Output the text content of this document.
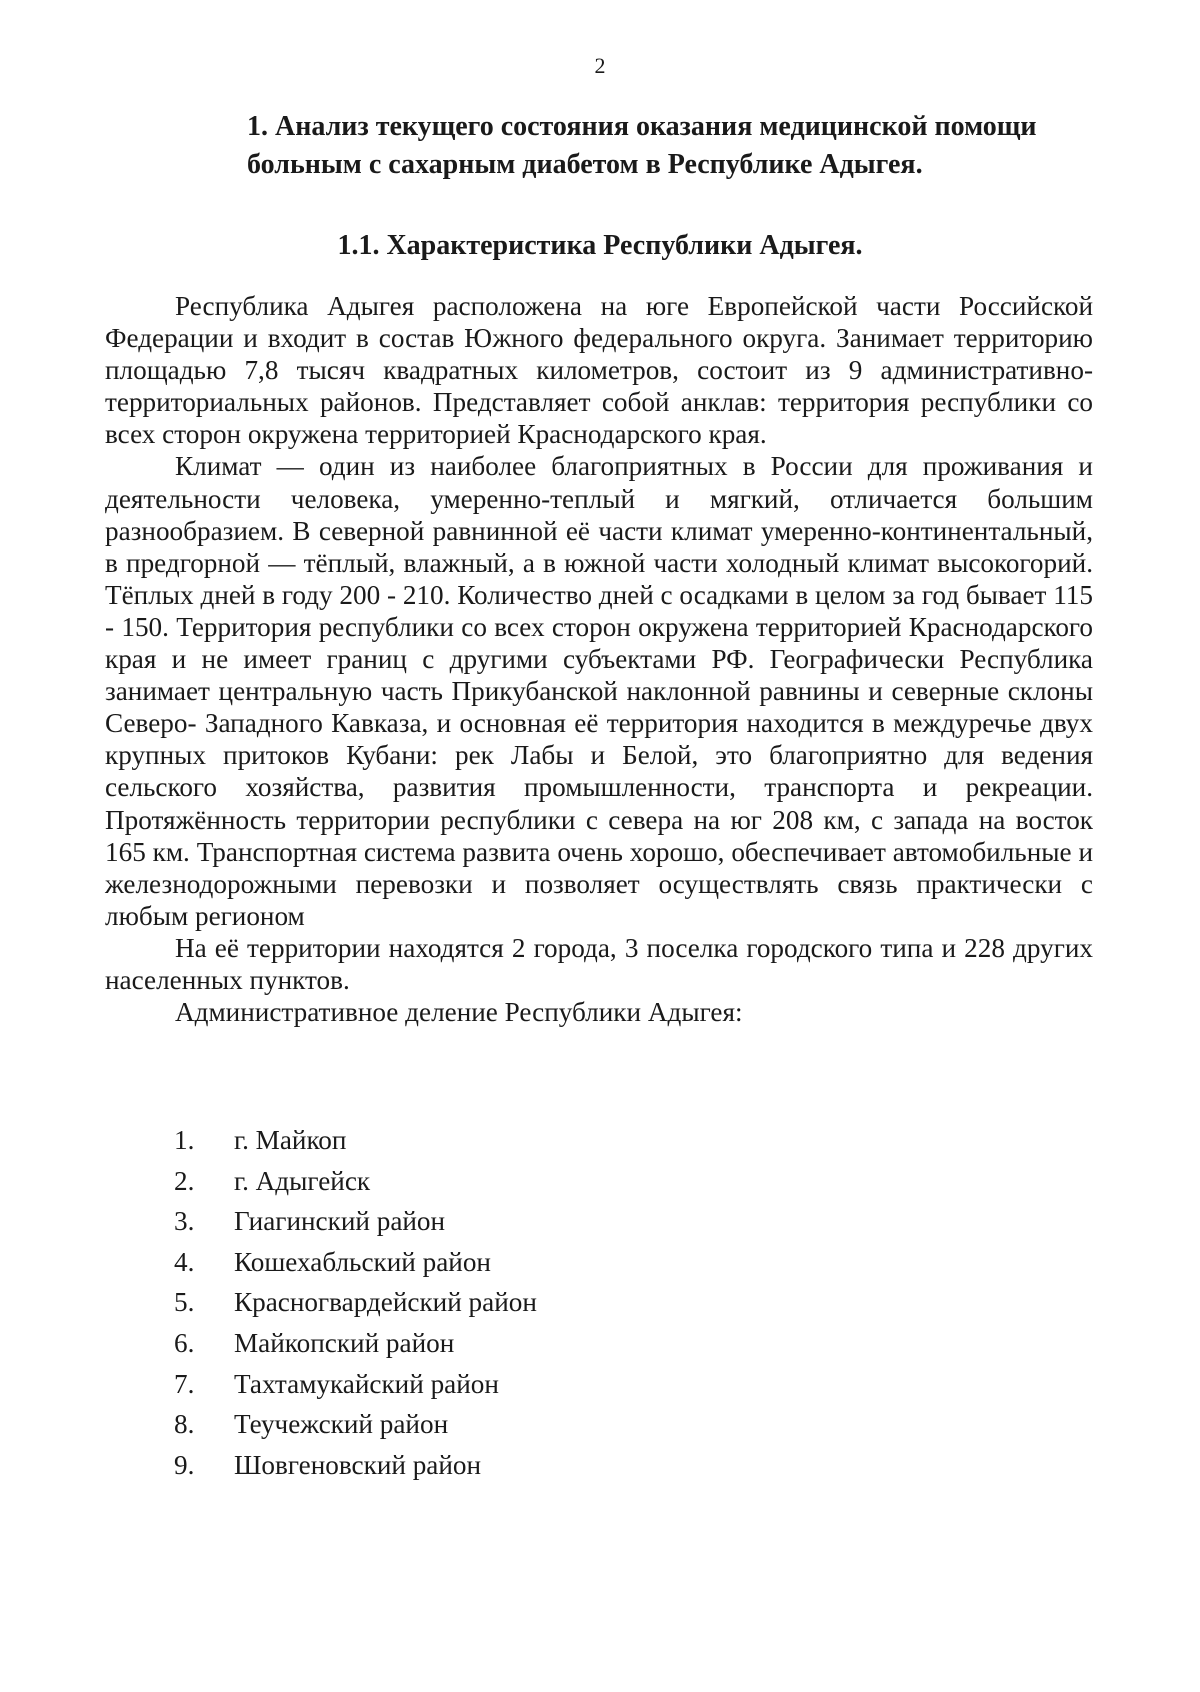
2
1. Анализ текущего состояния оказания медицинской помощи больным с сахарным диабетом в Республике Адыгея.
1.1. Характеристика Республики Адыгея.

Республика Адыгея расположена на юге Европейской части Российской Федерации и входит в состав Южного федерального округа. Занимает территорию площадью 7,8 тысяч квадратных километров, состоит из 9 административно-территориальных районов. Представляет собой анклав: территория республики со всех сторон окружена территорией Краснодарского края.

Климат — один из наиболее благоприятных в России для проживания и деятельности человека, умеренно-теплый и мягкий, отличается большим разнообразием. В северной равнинной её части климат умеренно-континентальный, в предгорной — тёплый, влажный, а в южной части холодный климат высокогорий. Тёплых дней в году 200 - 210. Количество дней с осадками в целом за год бывает 115 - 150. Территория республики со всех сторон окружена территорией Краснодарского края и не имеет границ с другими субъектами РФ. Географически Республика занимает центральную часть Прикубанской наклонной равнины и северные склоны Северо- Западного Кавказа, и основная её территория находится в междуречье двух крупных притоков Кубани: рек Лабы и Белой, это благоприятно для ведения сельского хозяйства, развития промышленности, транспорта и рекреации. Протяжённость территории республики с севера на юг 208 км, с запада на восток 165 км. Транспортная система развита очень хорошо, обеспечивает автомобильные и железнодорожными перевозки и позволяет осуществлять связь практически с любым регионом

На её территории находятся 2 города, 3 поселка городского типа и 228 других населенных пунктов.

Административное деление Республики Адыгея:

1. г. Майкоп
2. г. Адыгейск
3. Гиагинский район
4. Кошехабльский район
5. Красногвардейский район
6. Майкопский район
7. Тахтамукайский район
8. Теучежский район
9. Шовгеновский район
